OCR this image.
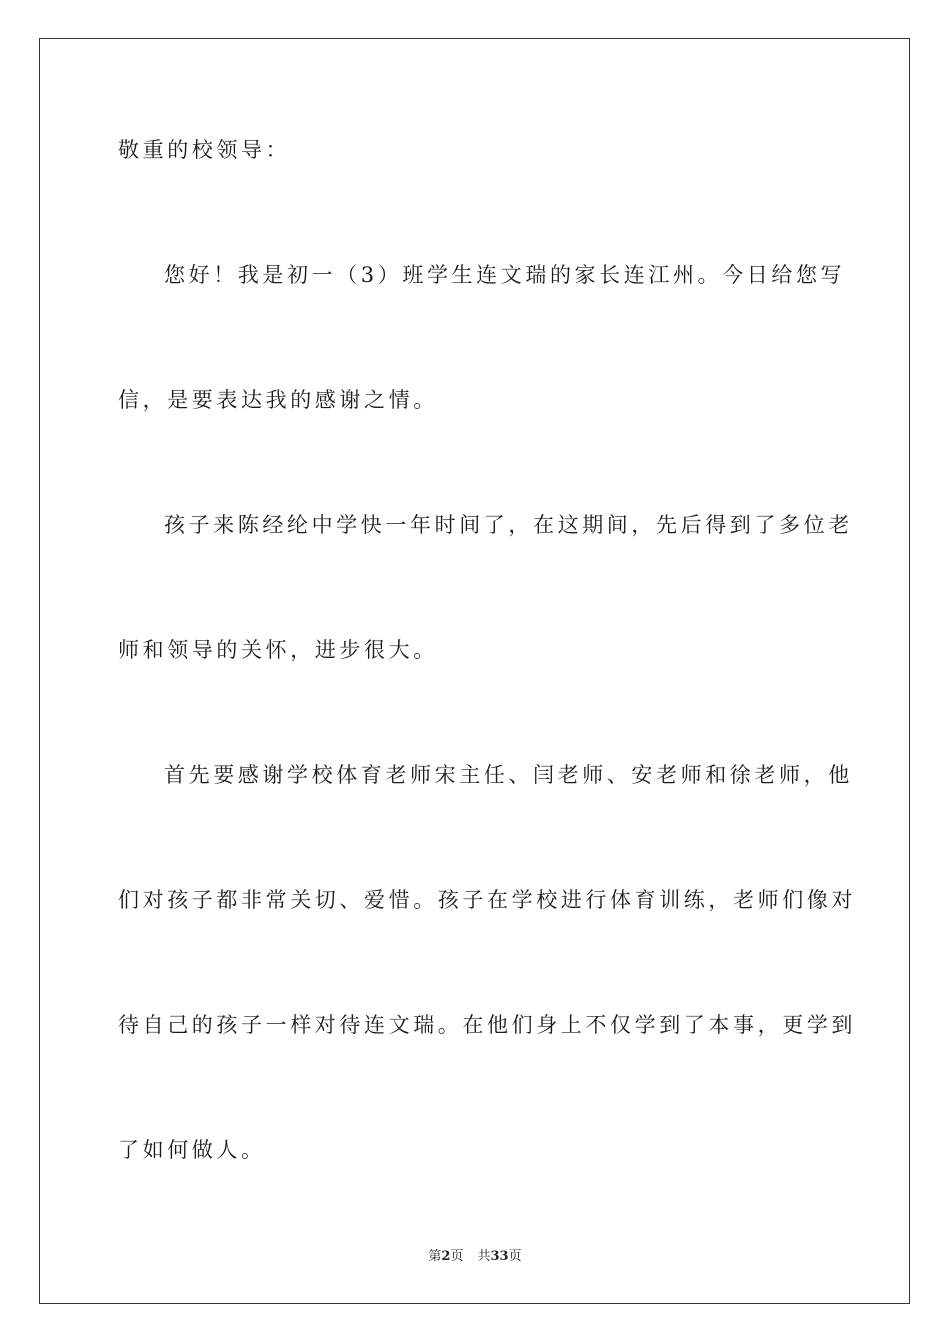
敬重的校领导：
您好！我是初一（3）班学生连文瑞的家长连江州。今日给您写
信，是要表达我的感谢之情。
孩子来陈经纶中学快一年时间了，在这期间，先后得到了多位老
师和领导的关怀，进步很大。
首先要感谢学校体育老师宋主任、闫老师、安老师和徐老师，他
们对孩子都非常关切、爱惜。孩子在学校进行体育训练，老师们像对
待自己的孩子一样对待连文瑞。在他们身上不仅学到了本事，更学到
了如何做人。
第2页 共33页
